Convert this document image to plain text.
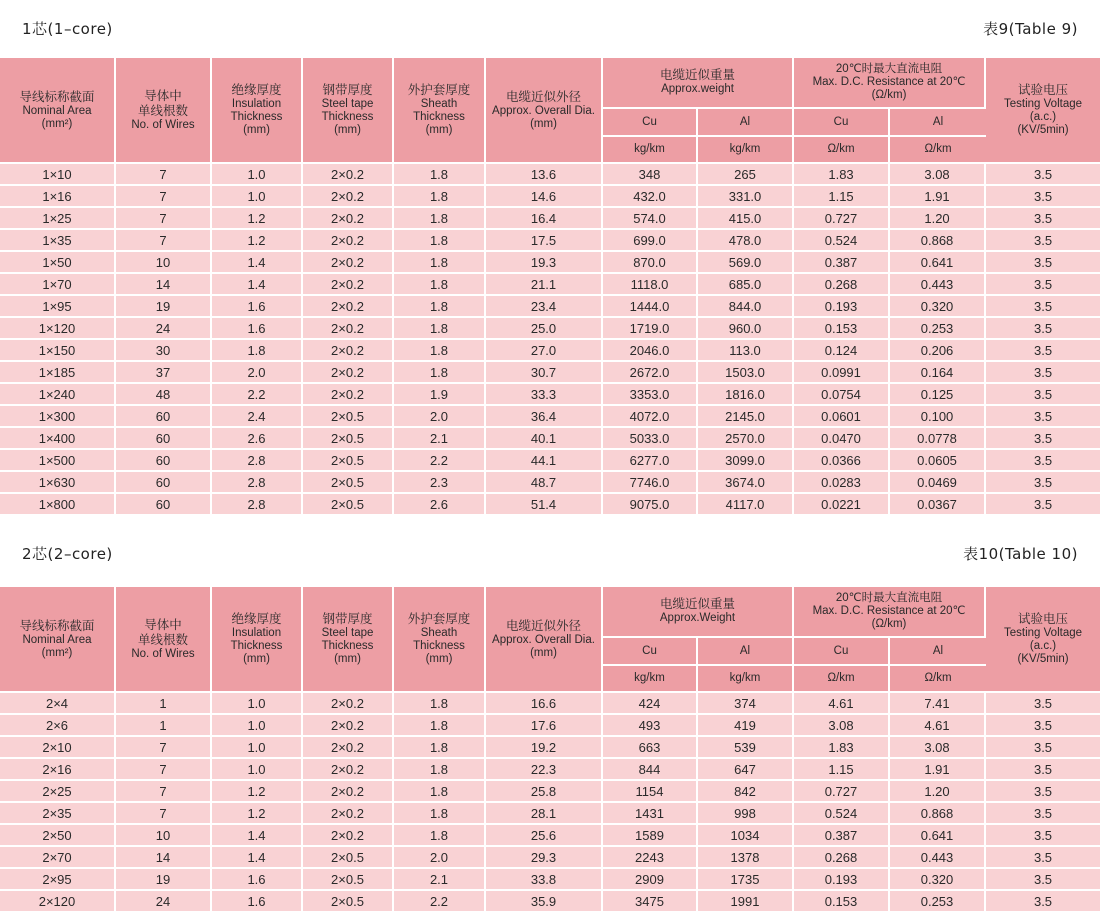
1芯(1–core)	表9(Table 9)
导线标称截面
Nominal Area
(mm²)	导体中
单线根数
No. of Wires	绝缘厚度
Insulation
Thickness
(mm)	钢带厚度
Steel tape
Thickness
(mm)	外护套厚度
Sheath
Thickness
(mm)	电缆近似外径
Approx. Overall Dia.
(mm)	电缆近似重量
Approx.weight		20℃时最大直流电阻
Max. D.C. Resistance at 20℃
(Ω/km)		试验电压
Testing Voltage
(a.c.)
(KV/5min)

						Cu	Al	Cu	Al	
						kg/km	kg/km	Ω/km	Ω/km	
1×10	7	1.0	2×0.2	1.8	13.6	348	265	1.83	3.08	3.5
1×16	7	1.0	2×0.2	1.8	14.6	432.0	331.0	1.15	1.91	3.5
1×25	7	1.2	2×0.2	1.8	16.4	574.0	415.0	0.727	1.20	3.5
1×35	7	1.2	2×0.2	1.8	17.5	699.0	478.0	0.524	0.868	3.5
1×50	10	1.4	2×0.2	1.8	19.3	870.0	569.0	0.387	0.641	3.5
1×70	14	1.4	2×0.2	1.8	21.1	1118.0	685.0	0.268	0.443	3.5
1×95	19	1.6	2×0.2	1.8	23.4	1444.0	844.0	0.193	0.320	3.5
1×120	24	1.6	2×0.2	1.8	25.0	1719.0	960.0	0.153	0.253	3.5
1×150	30	1.8	2×0.2	1.8	27.0	2046.0	113.0	0.124	0.206	3.5
1×185	37	2.0	2×0.2	1.8	30.7	2672.0	1503.0	0.0991	0.164	3.5
1×240	48	2.2	2×0.2	1.9	33.3	3353.0	1816.0	0.0754	0.125	3.5
1×300	60	2.4	2×0.5	2.0	36.4	4072.0	2145.0	0.0601	0.100	3.5
1×400	60	2.6	2×0.5	2.1	40.1	5033.0	2570.0	0.0470	0.0778	3.5
1×500	60	2.8	2×0.5	2.2	44.1	6277.0	3099.0	0.0366	0.0605	3.5
1×630	60	2.8	2×0.5	2.3	48.7	7746.0	3674.0	0.0283	0.0469	3.5
1×800	60	2.8	2×0.5	2.6	51.4	9075.0	4117.0	0.0221	0.0367	3.5
2芯(2–core)	表10(Table 10)
导线标称截面
Nominal Area
(mm²)	导体中
单线根数
No. of Wires	绝缘厚度
Insulation
Thickness
(mm)	钢带厚度
Steel tape
Thickness
(mm)	外护套厚度
Sheath
Thickness
(mm)	电缆近似外径
Approx. Overall Dia.
(mm)	电缆近似重量
Approx.Weight		20℃时最大直流电阻
Max. D.C. Resistance at 20℃
(Ω/km)		试验电压
Testing Voltage
(a.c.)
(KV/5min)

						Cu	Al	Cu	Al	
						kg/km	kg/km	Ω/km	Ω/km	
2×4	1	1.0	2×0.2	1.8	16.6	424	374	4.61	7.41	3.5
2×6	1	1.0	2×0.2	1.8	17.6	493	419	3.08	4.61	3.5
2×10	7	1.0	2×0.2	1.8	19.2	663	539	1.83	3.08	3.5
2×16	7	1.0	2×0.2	1.8	22.3	844	647	1.15	1.91	3.5
2×25	7	1.2	2×0.2	1.8	25.8	1154	842	0.727	1.20	3.5
2×35	7	1.2	2×0.2	1.8	28.1	1431	998	0.524	0.868	3.5
2×50	10	1.4	2×0.2	1.8	25.6	1589	1034	0.387	0.641	3.5
2×70	14	1.4	2×0.5	2.0	29.3	2243	1378	0.268	0.443	3.5
2×95	19	1.6	2×0.5	2.1	33.8	2909	1735	0.193	0.320	3.5
2×120	24	1.6	2×0.5	2.2	35.9	3475	1991	0.153	0.253	3.5
